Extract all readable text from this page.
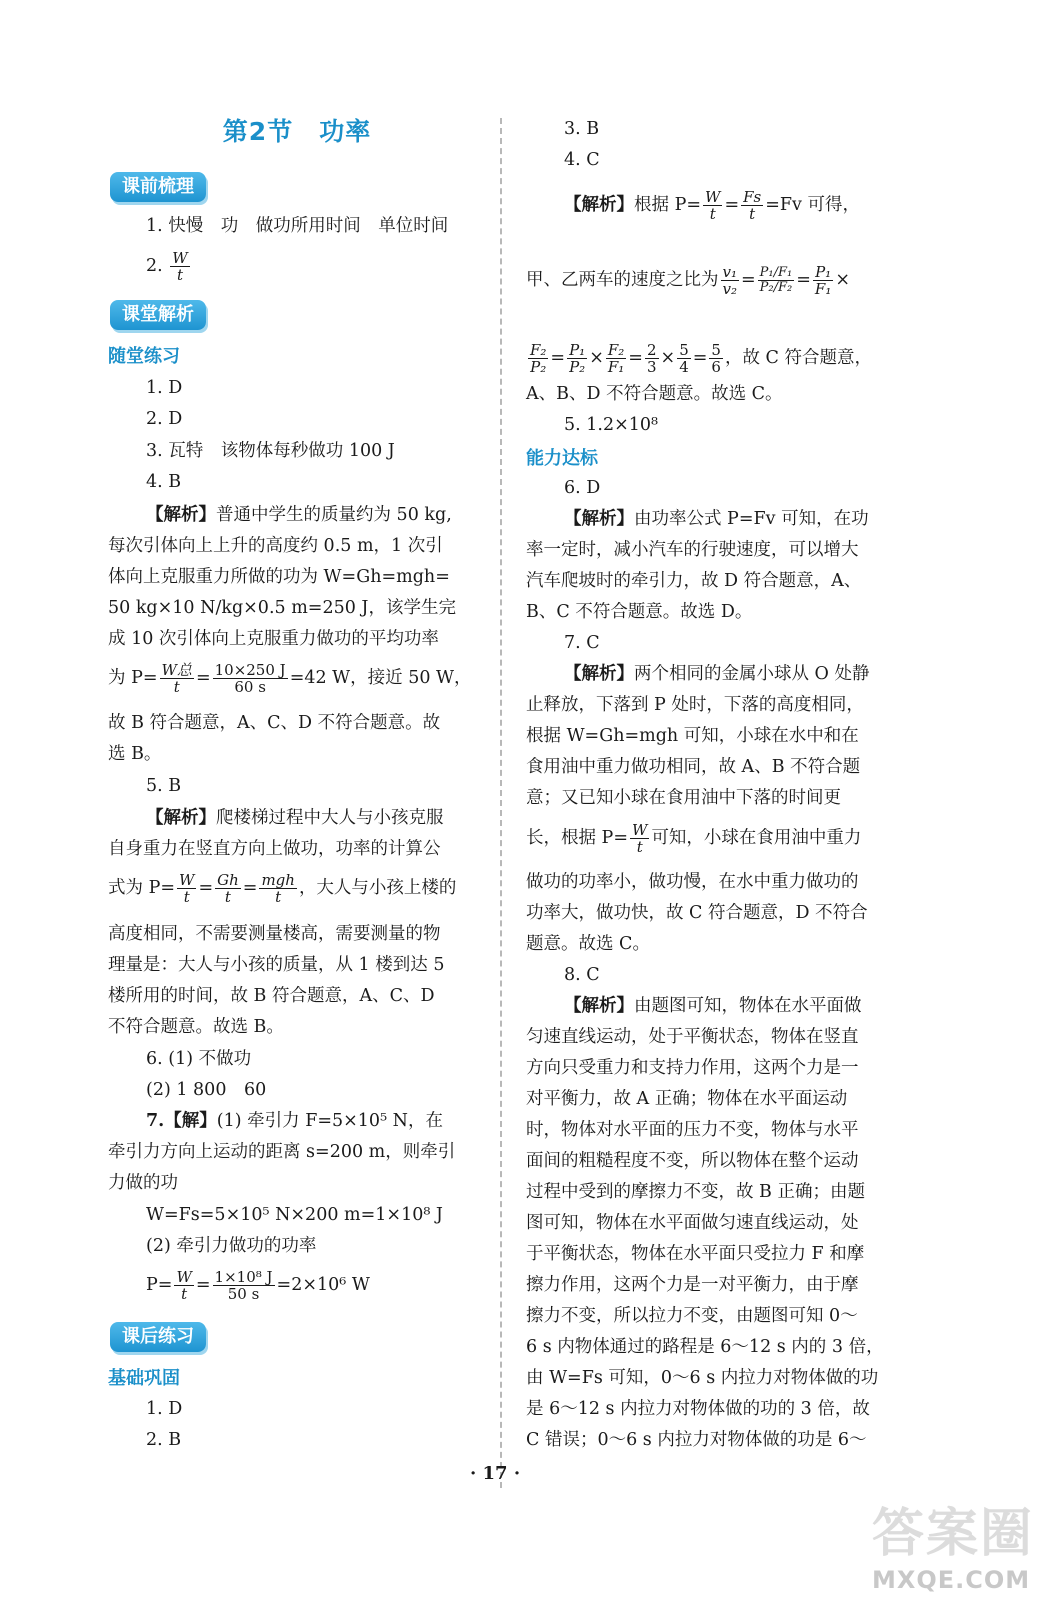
第2节　功率
课前梳理
1. 快慢　功　做功所用时间　单位时间
2. $\frac{W}{t}$
课堂解析
随堂练习
1. D
2. D
3. 瓦特　该物体每秒做功 100 J
4. B
【解析】普通中学生的质量约为 50 kg,
每次引体向上上升的高度约 0.5 m，1 次引
体向上克服重力所做的功为 W=Gh=mgh=
50 kg×10 N/kg×0.5 m=250 J，该学生完
成 10 次引体向上克服重力做功的平均功率
为 $P= \frac{\text{W总}}{t} = \frac{10\times 250 J}{60 s} =42$ W，接近 50 W，
故 B 符合题意，A、C、D 不符合题意。故
选 B。
5. B
【解析】爬楼梯过程中大人与小孩克服
自身重力在竖直方向上做功，功率的计算公
式为 $P= \frac{W}{t} = \frac{Gh}{t} = \frac{\text{mgh}}{t}$ ，大人与小孩上楼的
高度相同，不需要测量楼高，需要测量的物
理量是：大人与小孩的质量，从 1 楼到达 5
楼所用的时间，故 B 符合题意，A、C、D
不符合题意。故选 B。
6. (1) 不做功
(2) 1 800　60
7.【解】(1) 牵引力 F=5×10⁵ N，在
牵引力方向上运动的距离 s=200 m，则牵引
力做的功
W=Fs=5×10⁵ N×200 m=1×10⁸ J
(2) 牵引力做功的功率
$P= \frac{W}{t} = \frac{\text{1×10⁸ J}}{50 s} =2\times 10^6$ W
课后练习
基础巩固
1. D
2. B
3. B
4. C
【解析】根据 $P= \frac{W}{t} = \frac{Fs}{t} =Fv$ 可得，
甲、乙两车的速度之比为 $\frac{\text{v₁}}{\text{v₂}} = \frac{\text{P₁/F₁}}{\text{P₂/F₂}} = \frac{\text{P₁}}{\text{F₁}}$ ×
$\frac{\text{F₂}}{\text{P₂}} = \frac{\text{P₁}}{\text{P₂}} \times \frac{\text{F₂}}{\text{F₁}} = \frac{2}{3} \times \frac{5}{4} = \frac{5}{6}$ ，故 C 符合题意，
A、B、D 不符合题意。故选 C。
5. 1.2×10⁸
能力达标
6. D
【解析】由功率公式 P=Fv 可知，在功
率一定时，减小汽车的行驶速度，可以增大
汽车爬坡时的牵引力，故 D 符合题意，A、
B、C 不符合题意。故选 D。
7. C
【解析】两个相同的金属小球从 O 处静
止释放，下落到 P 处时，下落的高度相同，
根据 W=Gh=mgh 可知，小球在水中和在
食用油中重力做功相同，故 A、B 不符合题
意；又已知小球在食用油中下落的时间更
长，根据 $P= \frac{W}{t}$ 可知，小球在食用油中重力
做功的功率小，做功慢，在水中重力做功的
功率大，做功快，故 C 符合题意，D 不符合
题意。故选 C。
8. C
【解析】由题图可知，物体在水平面做
匀速直线运动，处于平衡状态，物体在竖直
方向只受重力和支持力作用，这两个力是一
对平衡力，故 A 正确；物体在水平面运动
时，物体对水平面的压力不变，物体与水平
面间的粗糙程度不变，所以物体在整个运动
过程中受到的摩擦力不变，故 B 正确；由题
图可知，物体在水平面做匀速直线运动，处
于平衡状态，物体在水平面只受拉力 F 和摩
擦力作用，这两个力是一对平衡力，由于摩
擦力不变，所以拉力不变，由题图可知 0～
6 s 内物体通过的路程是 6～12 s 内的 3 倍，
由 W=Fs 可知，0～6 s 内拉力对物体做的功
是 6～12 s 内拉力对物体做的功的 3 倍，故
C 错误；0～6 s 内拉力对物体做的功是 6～
· 17 ·
答案圈
MXQE.COM
